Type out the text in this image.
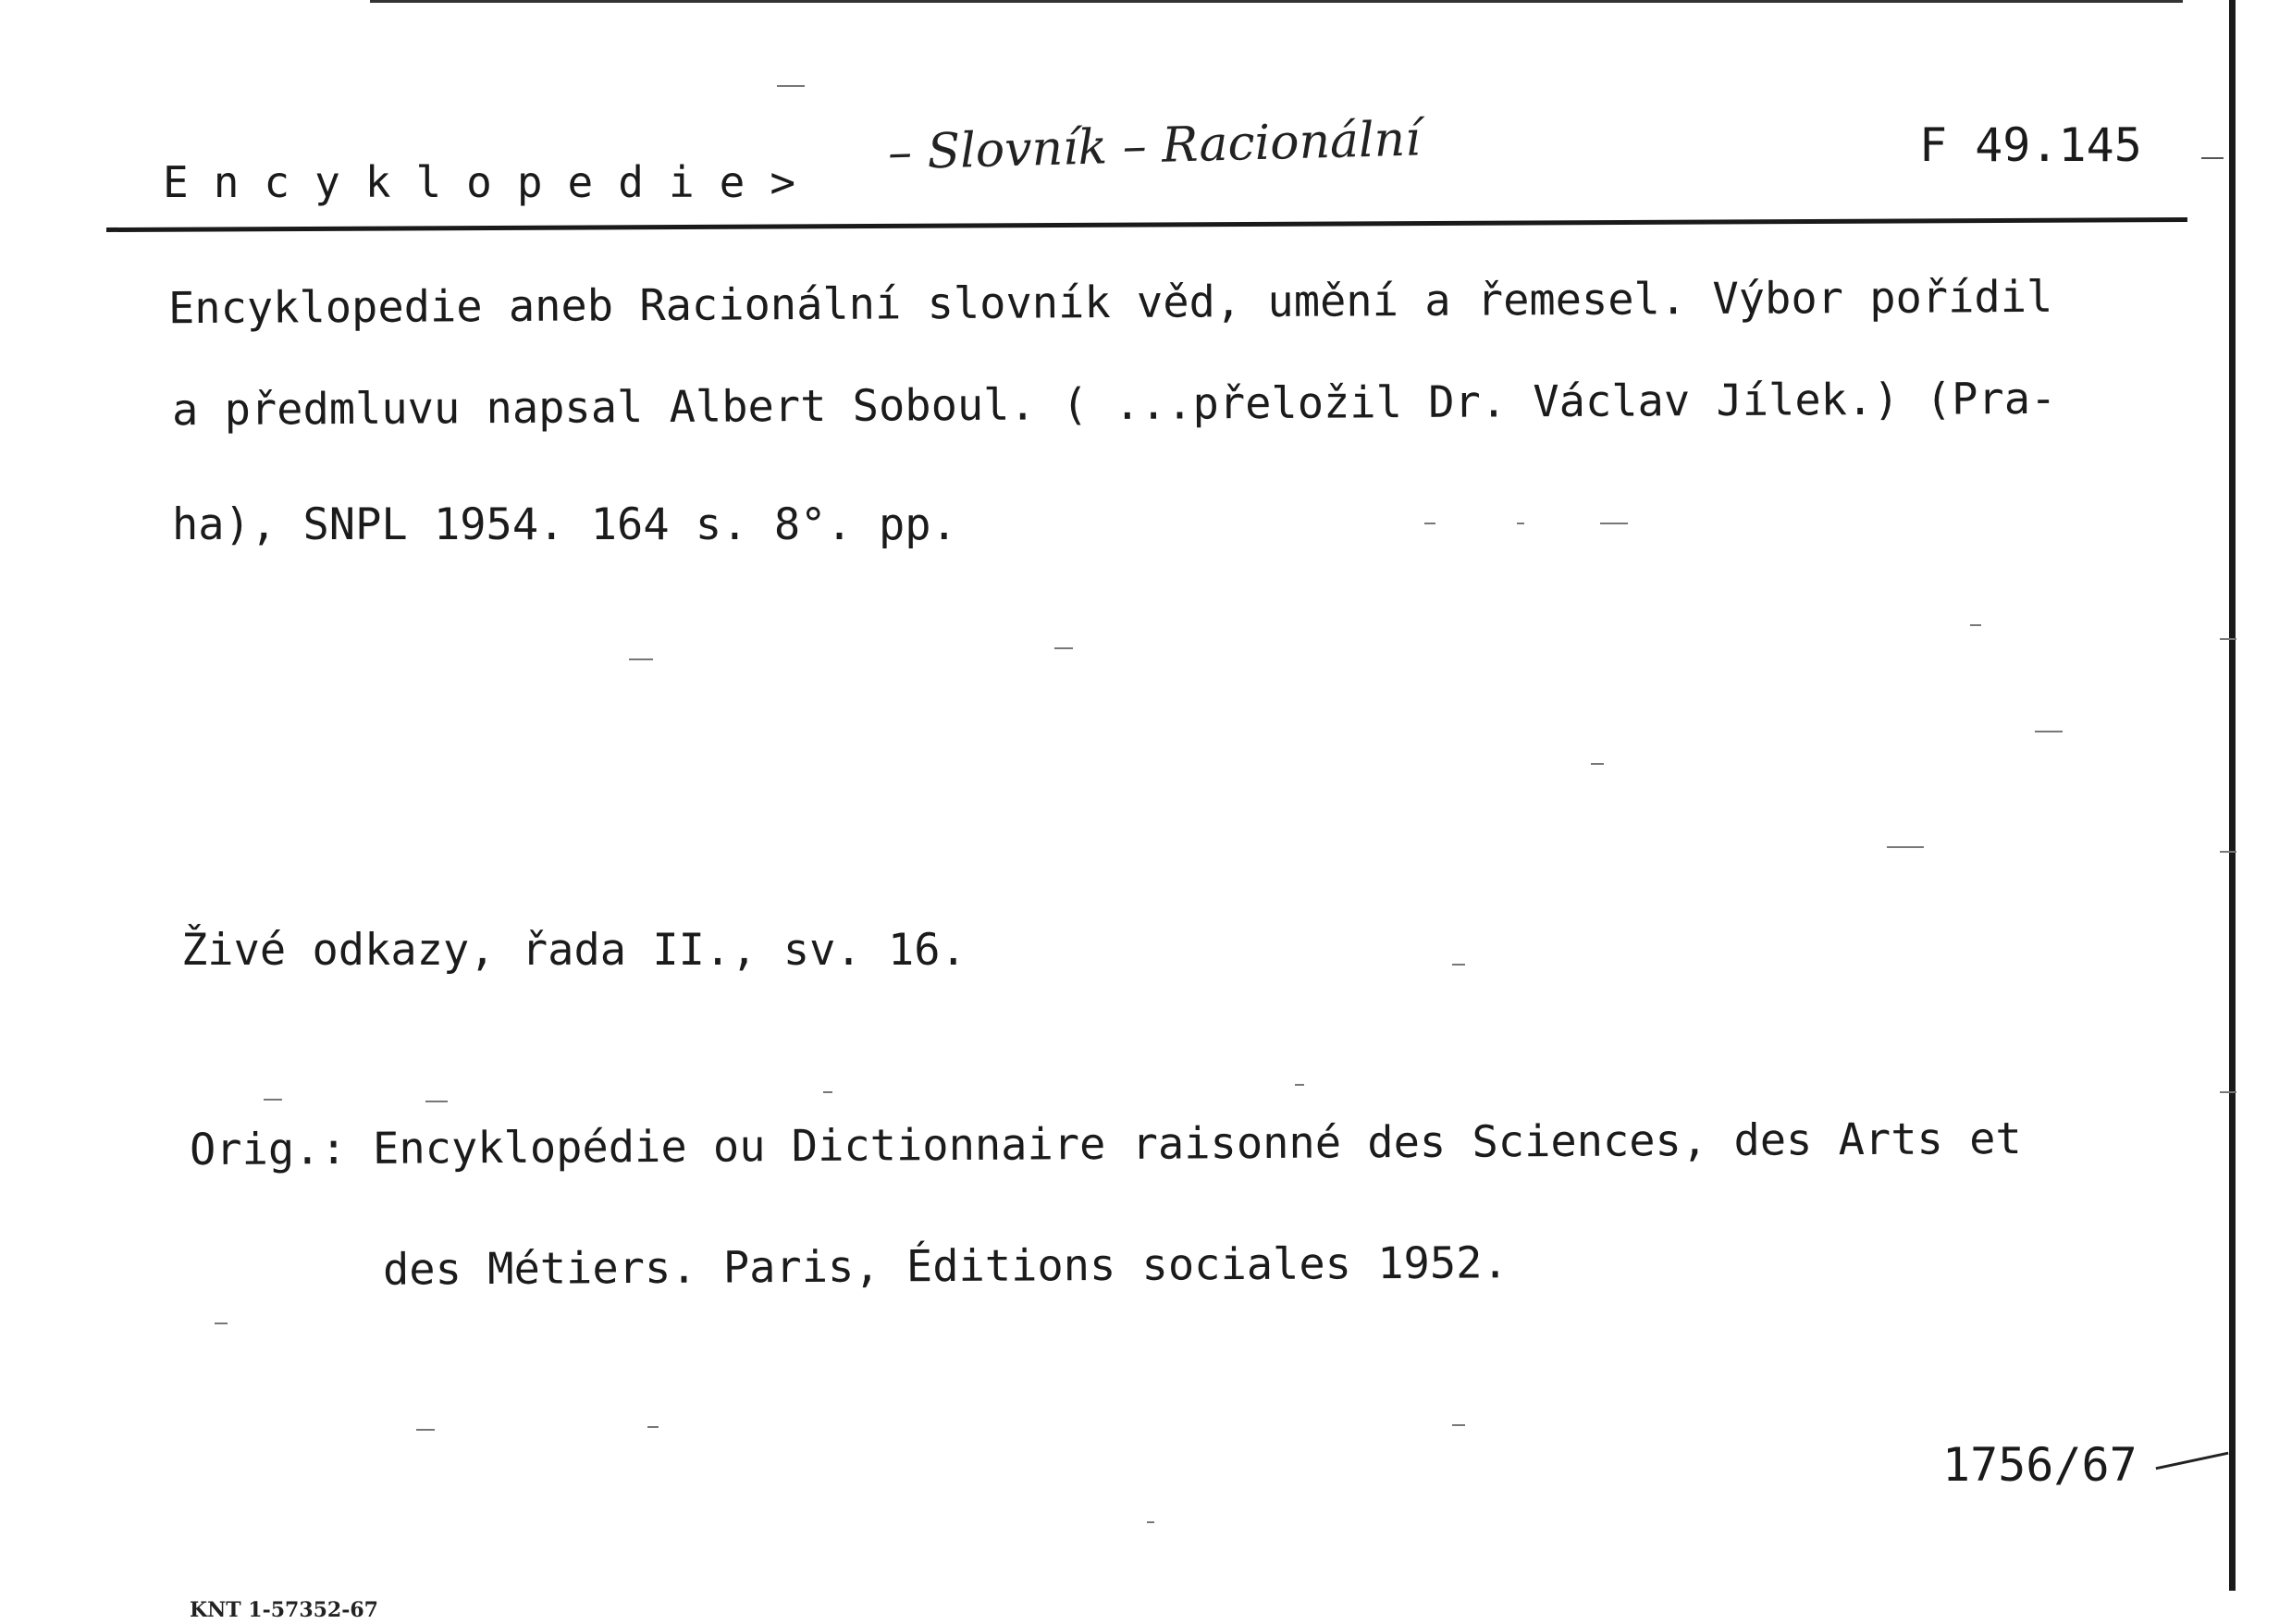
Encyklopedie>
– Slovník – Racionální	F 49.145
Encyklopedie aneb Racionální slovník věd, umění a řemesel. Výbor pořídil
a předmluvu napsal Albert Soboul. ( ...přeložil Dr. Václav Jílek.) (Pra-
ha), SNPL 1954. 164 s. 8°. pp.
Živé odkazy, řada II., sv. 16.
Orig.: Encyklopédie ou Dictionnaire raisonné des Sciences, des Arts et
des Métiers. Paris, Éditions sociales 1952.
1756/67
KNT 1-57352-67
